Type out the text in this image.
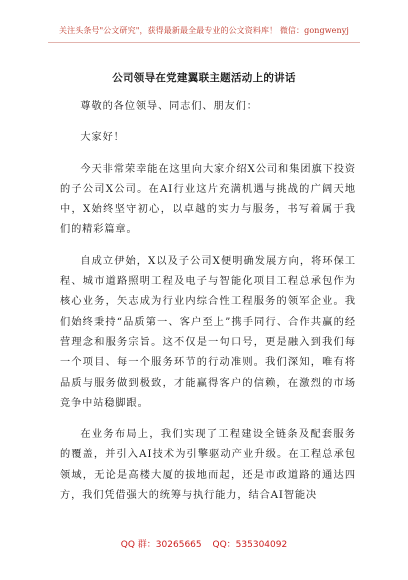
关注头条号"公文研究"，获得最新最全最专业的公文资料库！ 微信：gongwenyj
公司领导在党建翼联主题活动上的讲话

尊敬的各位领导、同志们、朋友们：

大家好！

今天非常荣幸能在这里向大家介绍X公司和集团旗下投资的子公司X公司。在AI行业这片充满机遇与挑战的广阔天地中，X始终坚守初心，以卓越的实力与服务，书写着属于我们的精彩篇章。

自成立伊始，X以及子公司X便明确发展方向，将环保工程、城市道路照明工程及电子与智能化项目工程总承包作为核心业务，矢志成为行业内综合性工程服务的领军企业。我们始终秉持“品质第一、客户至上”携手同行、合作共赢的经营理念和服务宗旨。这不仅是一句口号，更是融入到我们每一个项目、每一个服务环节的行动准则。我们深知，唯有将品质与服务做到极致，才能赢得客户的信赖，在激烈的市场竞争中站稳脚跟。

在业务布局上，我们实现了工程建设全链条及配套服务的覆盖，并引入AI技术为引擎驱动产业升级。在工程总承包领域，无论是高楼大厦的拔地而起，还是市政道路的通达四方，我们凭借强大的统筹与执行能力，结合AI智能决

QQ 群：30265665 QQ：535304092
